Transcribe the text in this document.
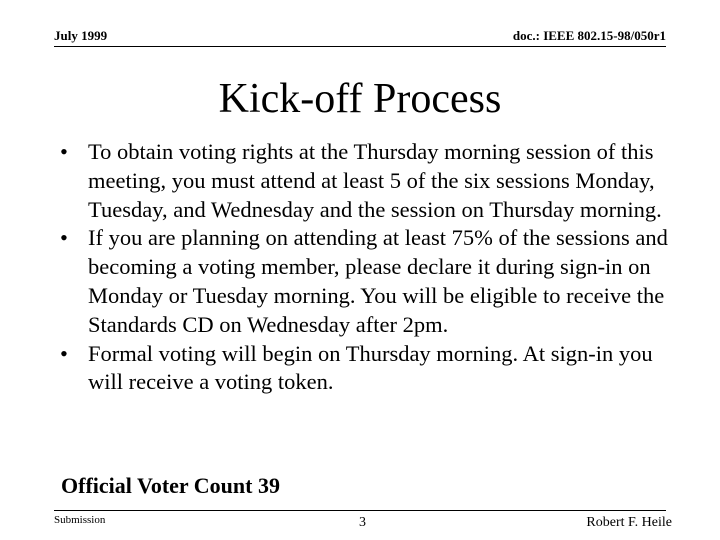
July 1999	doc.: IEEE 802.15-98/050r1
Kick-off Process
• To obtain voting rights at the Thursday morning session of this meeting, you must attend at least 5 of the six sessions Monday, Tuesday, and Wednesday and the session on Thursday morning.
• If you are planning on attending at least 75% of the sessions and becoming a voting member, please declare it during sign-in on Monday or Tuesday morning. You will be eligible to receive the Standards CD on Wednesday after 2pm.
• Formal voting will begin on Thursday morning. At sign-in you will receive a voting token.
Official Voter Count 39
Submission	3	Robert F. Heile
